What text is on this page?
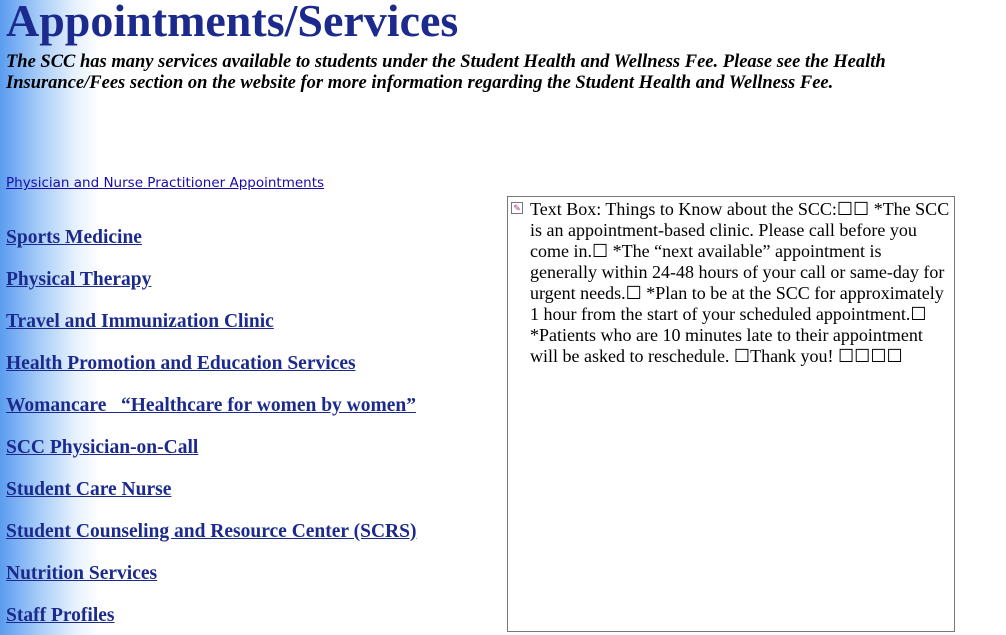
Appointments/Services

The SCC has many services available to students under the Student Health and Wellness Fee. Please see the Health Insurance/Fees section on the website for more information regarding the Student Health and Wellness Fee.

Physician and Nurse Practitioner Appointments
Sports Medicine
Physical Therapy
Travel and Immunization Clinic
Health Promotion and Education Services
Womancare   “Healthcare for women by women”
SCC Physician-on-Call
Student Care Nurse
Student Counseling and Resource Center (SCRS)
Nutrition Services
Staff Profiles
✎ Text Box: Things to Know about the SCC:☐☐ *The SCC is an appointment-based clinic. Please call before you come in.☐ *The “next available” appointment is generally within 24-48 hours of your call or same-day for urgent needs.☐ *Plan to be at the SCC for approximately 1 hour from the start of your scheduled appointment.☐ *Patients who are 10 minutes late to their appointment will be asked to reschedule. ☐Thank you! ☐☐☐☐
